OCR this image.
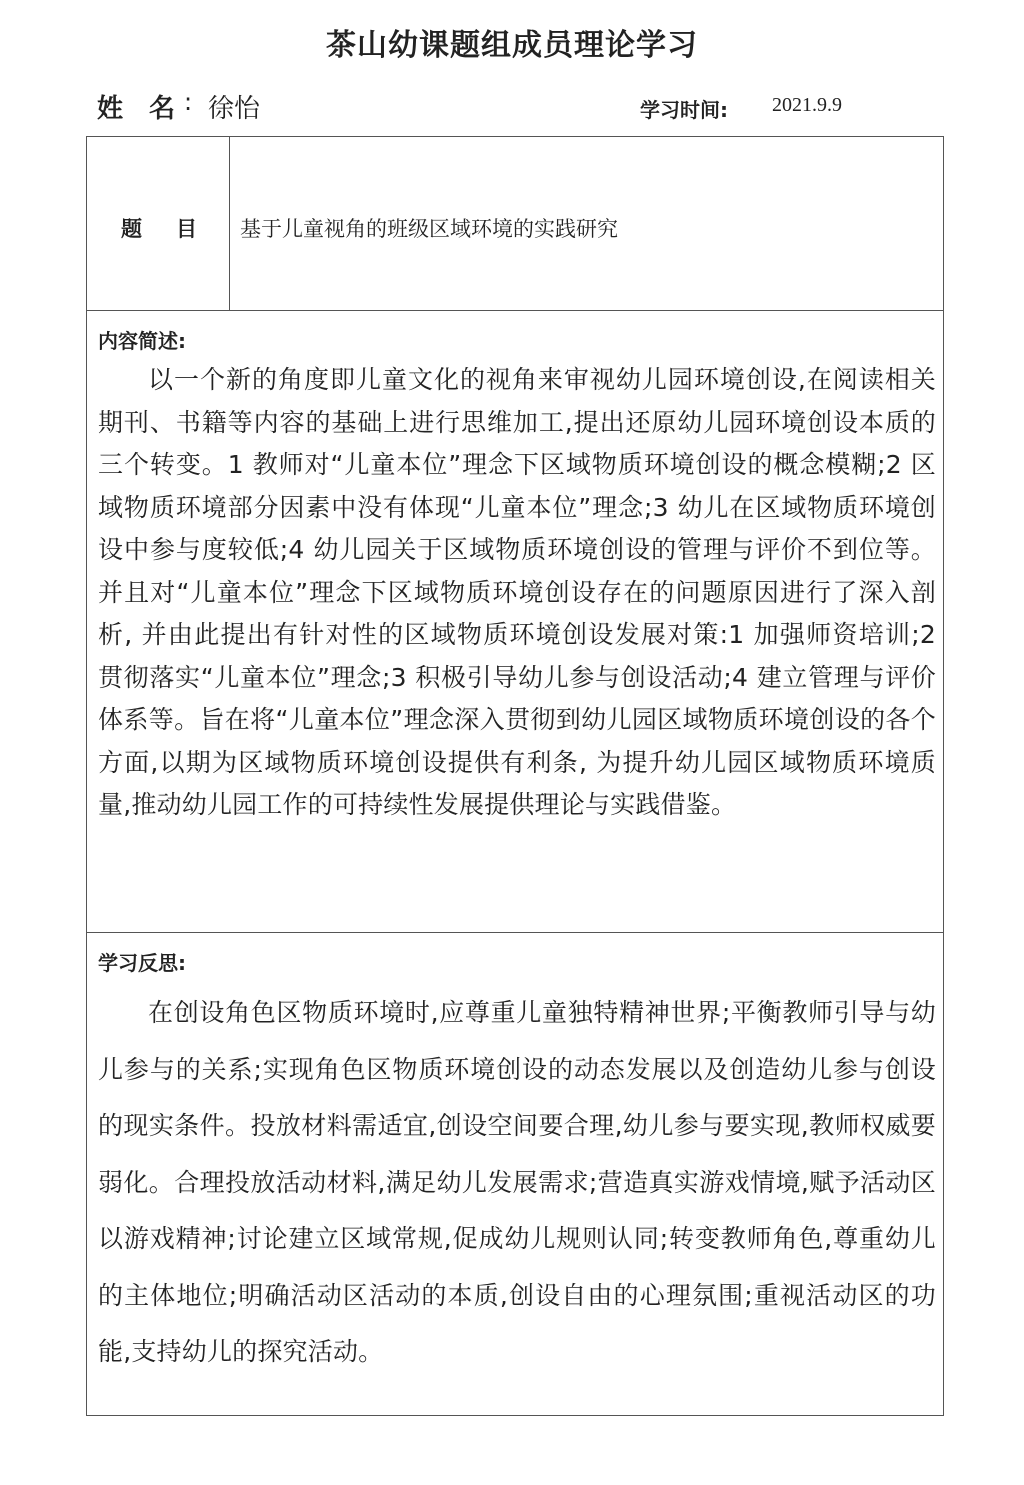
茶山幼课题组成员理论学习
姓 名 : 徐怡	学习时间: 2021.9.9
题 目 基于儿童视角的班级区域环境的实践研究
内容简述:
以一个新的角度即儿童文化的视角来审视幼儿园环境创设,在阅读相关期刊、书籍等内容的基础上进行思维加工,提出还原幼儿园环境创设本质的三个转变。1 教师对“儿童本位”理念下区域物质环境创设的概念模糊;2 区域物质环境部分因素中没有体现“儿童本位”理念;3 幼儿在区域物质环境创设中参与度较低;4 幼儿园关于区域物质环境创设的管理与评价不到位等。并且对“儿童本位”理念下区域物质环境创设存在的问题原因进行了深入剖析, 并由此提出有针对性的区域物质环境创设发展对策:1 加强师资培训;2 贯彻落实“儿童本位”理念;3 积极引导幼儿参与创设活动;4 建立管理与评价体系等。旨在将“儿童本位”理念深入贯彻到幼儿园区域物质环境创设的各个方面,以期为区域物质环境创设提供有利条, 为提升幼儿园区域物质环境质量,推动幼儿园工作的可持续性发展提供理论与实践借鉴。
学习反思:
在创设角色区物质环境时,应尊重儿童独特精神世界;平衡教师引导与幼儿参与的关系;实现角色区物质环境创设的动态发展以及创造幼儿参与创设的现实条件。投放材料需适宜,创设空间要合理,幼儿参与要实现,教师权威要弱化。合理投放活动材料,满足幼儿发展需求;营造真实游戏情境,赋予活动区以游戏精神;讨论建立区域常规,促成幼儿规则认同;转变教师角色,尊重幼儿的主体地位;明确活动区活动的本质,创设自由的心理氛围;重视活动区的功能,支持幼儿的探究活动。
